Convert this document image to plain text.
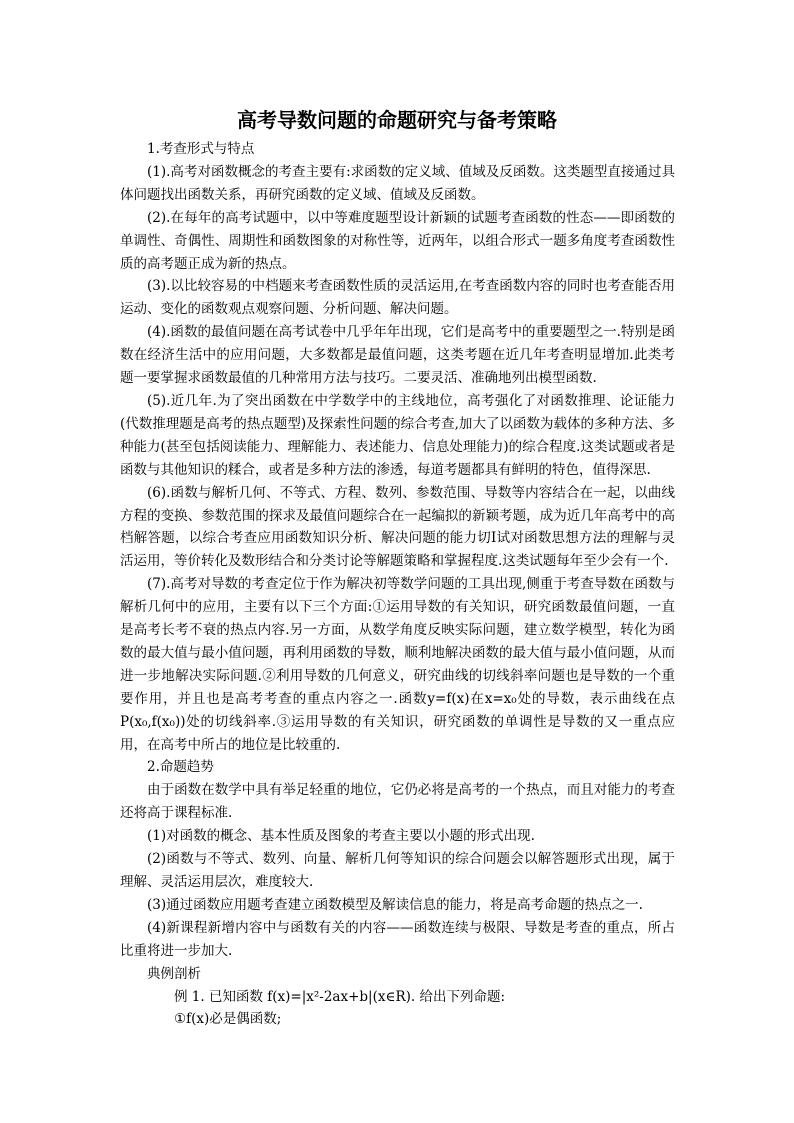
高考导数问题的命题研究与备考策略

1.考查形式与特点

(1).高考对函数概念的考查主要有:求函数的定义域、值域及反函数。这类题型直接通过具体问题找出函数关系，再研究函数的定义域、值域及反函数。

(2).在每年的高考试题中，以中等难度题型设计新颖的试题考查函数的性态——即函数的单调性、奇偶性、周期性和函数图象的对称性等，近两年，以组合形式一题多角度考查函数性质的高考题正成为新的热点。

(3).以比较容易的中档题来考查函数性质的灵活运用,在考查函数内容的同时也考查能否用运动、变化的函数观点观察问题、分析问题、解决问题。

(4).函数的最值问题在高考试卷中几乎年年出现，它们是高考中的重要题型之一.特别是函数在经济生活中的应用问题，大多数都是最值问题，这类考题在近几年考查明显增加.此类考题一要掌握求函数最值的几种常用方法与技巧。二要灵活、准确地列出模型函数.

(5).近几年.为了突出函数在中学数学中的主线地位，高考强化了对函数推理、论证能力(代数推理题是高考的热点题型)及探索性问题的综合考查,加大了以函数为载体的多种方法、多种能力(甚至包括阅读能力、理解能力、表述能力、信息处理能力)的综合程度.这类试题或者是函数与其他知识的糅合，或者是多种方法的渗透，每道考题都具有鲜明的特色，值得深思.

(6).函数与解析几何、不等式、方程、数列、参数范围、导数等内容结合在一起，以曲线方程的变换、参数范围的探求及最值问题综合在一起编拟的新颖考题，成为近几年高考中的高档解答题，以综合考查应用函数知识分析、解决问题的能力切Ⅰ试对函数思想方法的理解与灵活运用，等价转化及数形结合和分类讨论等解题策略和掌握程度.这类试题每年至少会有一个.

(7).高考对导数的考查定位于作为解决初等数学问题的工具出现,侧重于考查导数在函数与解析几何中的应用，主要有以下三个方面:①运用导数的有关知识，研究函数最值问题，一直是高考长考不衰的热点内容.另一方面，从数学角度反映实际问题，建立数学模型，转化为函数的最大值与最小值问题，再利用函数的导数，顺利地解决函数的最大值与最小值问题，从而进一步地解决实际问题.②利用导数的几何意义，研究曲线的切线斜率问题也是导数的一个重要作用，并且也是高考考查的重点内容之一.函数y=f(x)在x=x₀处的导数，表示曲线在点P(x₀,f(x₀))处的切线斜率.③运用导数的有关知识，研究函数的单调性是导数的又一重点应用，在高考中所占的地位是比较重的.

2.命题趋势

由于函数在数学中具有举足轻重的地位，它仍必将是高考的一个热点，而且对能力的考查还将高于课程标准.

(1)对函数的概念、基本性质及图象的考查主要以小题的形式出现.

(2)函数与不等式、数列、向量、解析几何等知识的综合问题会以解答题形式出现，属于理解、灵活运用层次，难度较大.

(3)通过函数应用题考查建立函数模型及解读信息的能力，将是高考命题的热点之一.

(4)新课程新增内容中与函数有关的内容——函数连续与极限、导数是考查的重点，所占比重将进一步加大.

典例剖析

例 1. 已知函数 f(x)=|x²-2ax+b|(x∈R). 给出下列命题:

①f(x)必是偶函数;
